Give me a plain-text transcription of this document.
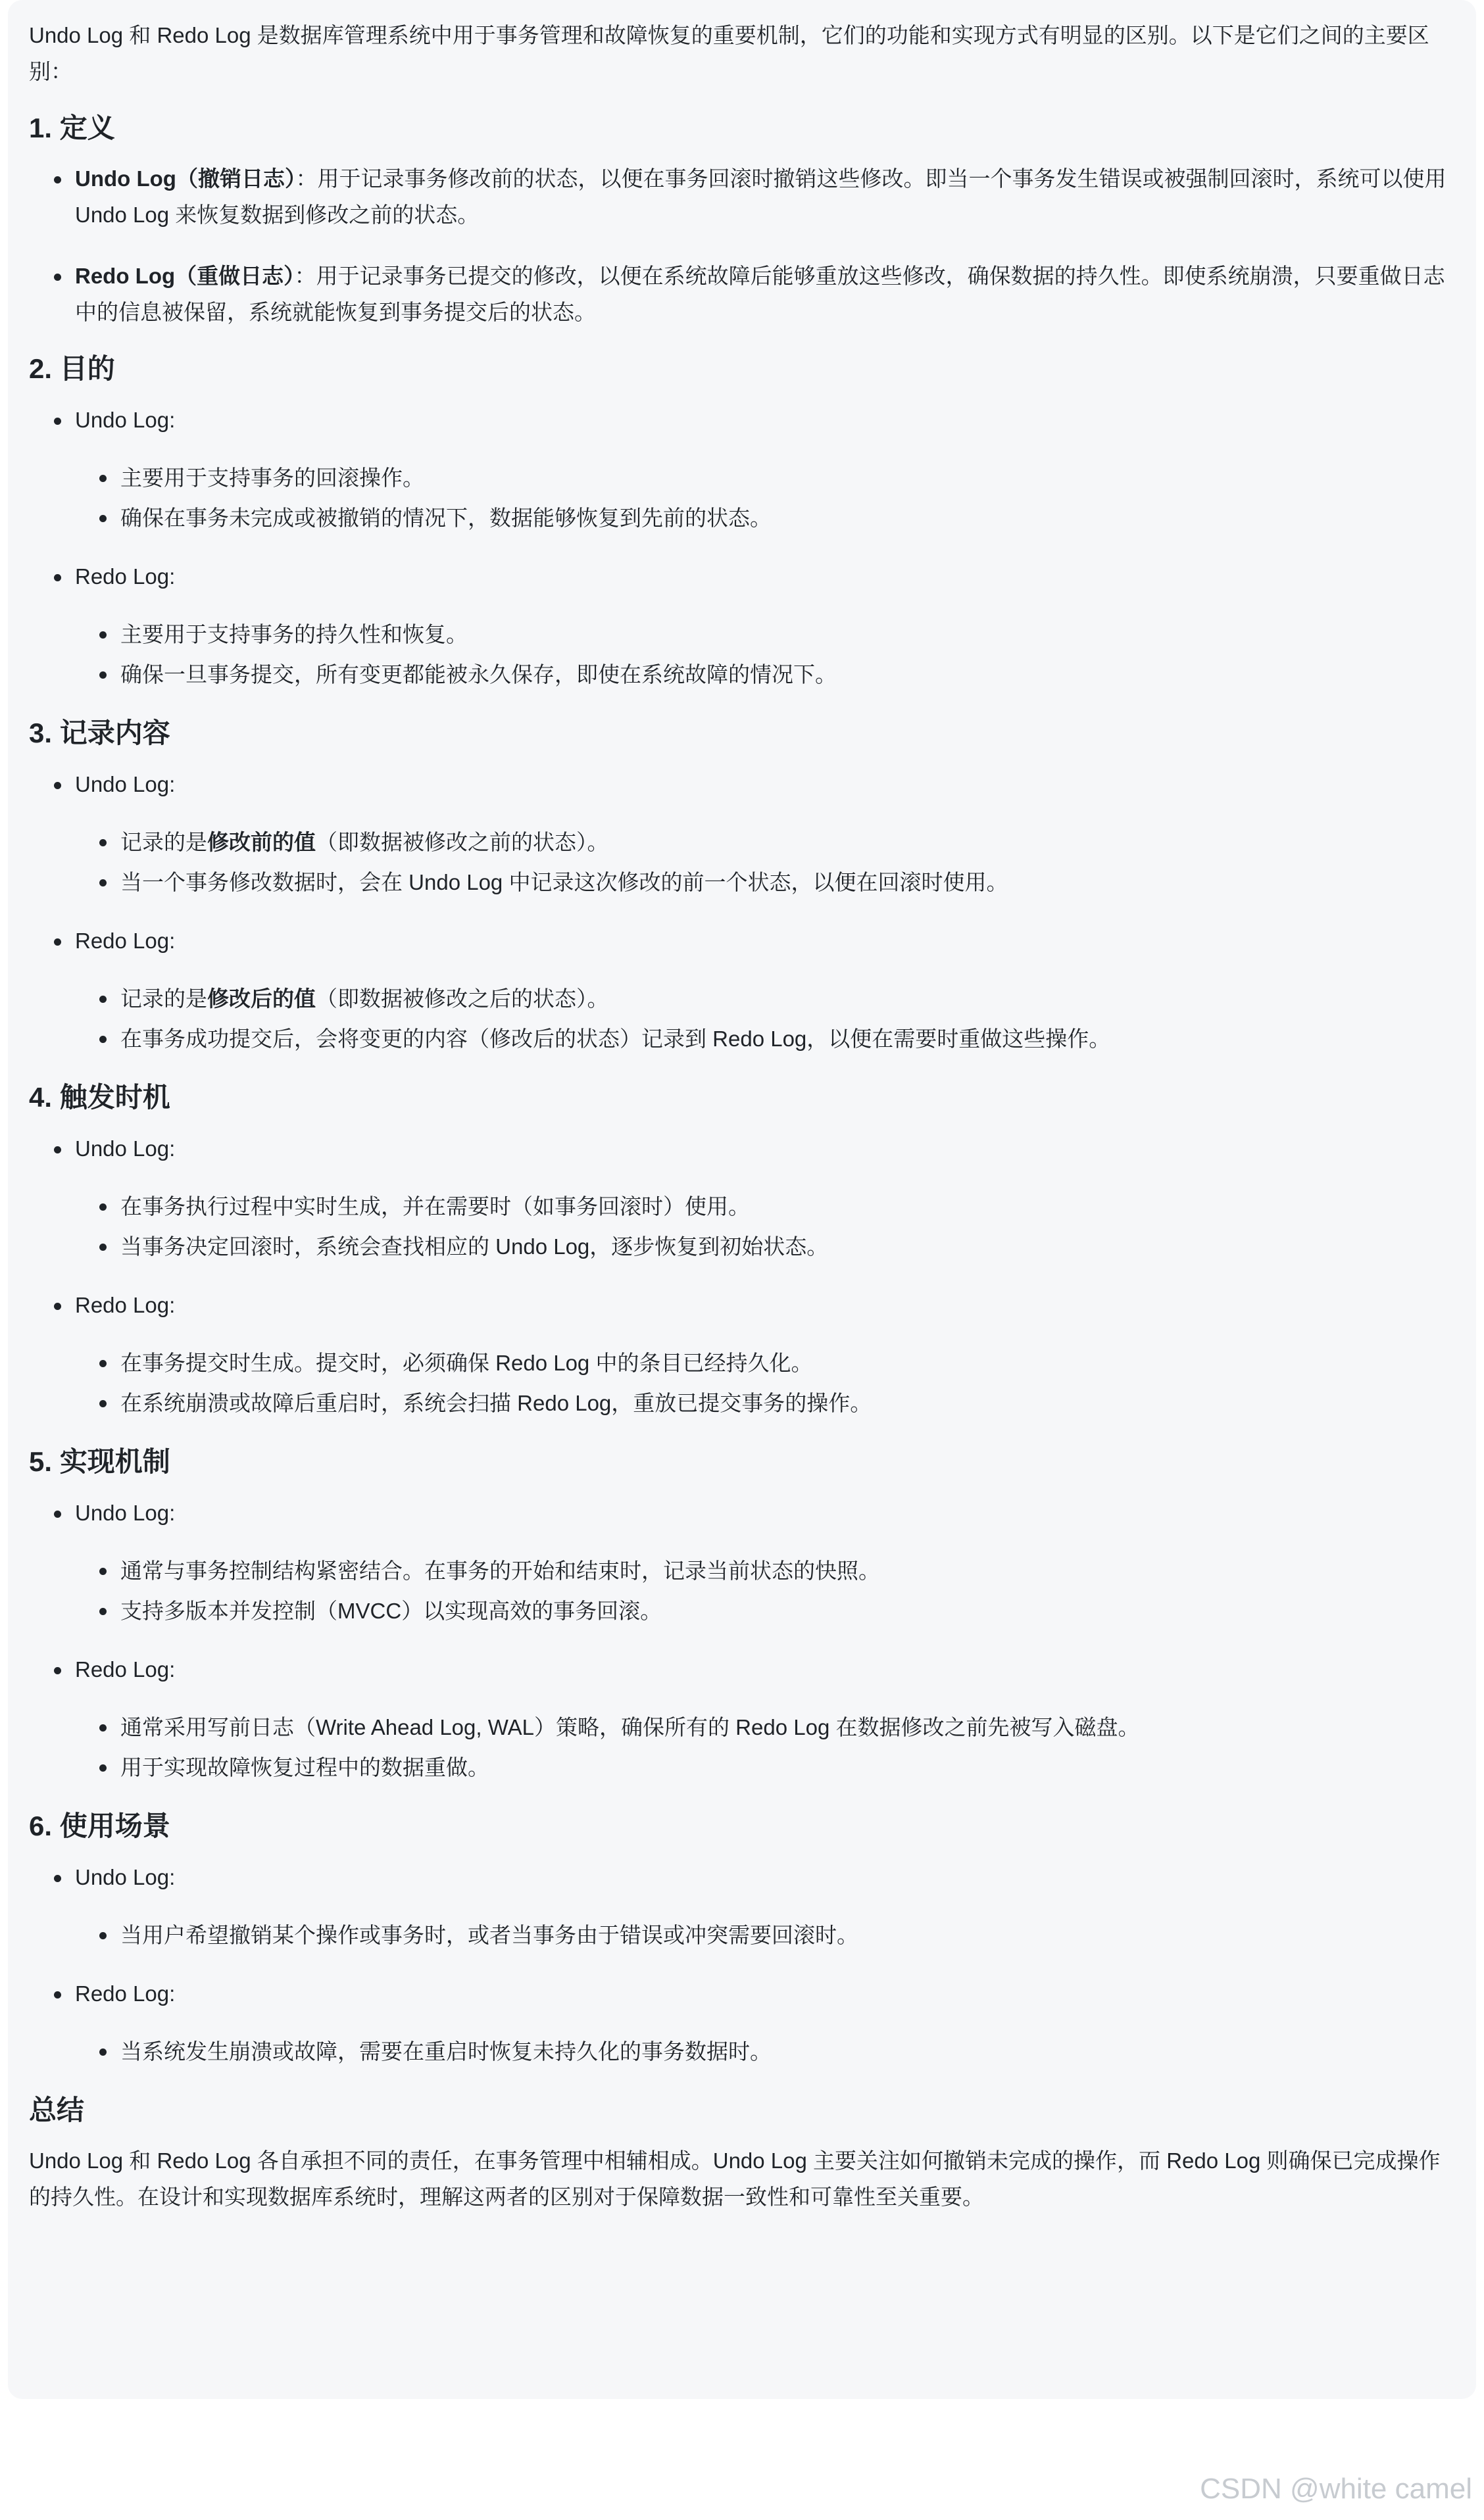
Undo Log 和 Redo Log 是数据库管理系统中用于事务管理和故障恢复的重要机制，它们的功能和实现方式有明显的区别。以下是它们之间的主要区别：

1. 定义
Undo Log（撤销日志）：用于记录事务修改前的状态，以便在事务回滚时撤销这些修改。即当一个事务发生错误或被强制回滚时，系统可以使用 Undo Log 来恢复数据到修改之前的状态。
Redo Log（重做日志）：用于记录事务已提交的修改，以便在系统故障后能够重放这些修改，确保数据的持久性。即使系统崩溃，只要重做日志中的信息被保留，系统就能恢复到事务提交后的状态。
2. 目的
Undo Log:
主要用于支持事务的回滚操作。
确保在事务未完成或被撤销的情况下，数据能够恢复到先前的状态。
Redo Log:
主要用于支持事务的持久性和恢复。
确保一旦事务提交，所有变更都能被永久保存，即使在系统故障的情况下。
3. 记录内容
Undo Log:
记录的是修改前的值（即数据被修改之前的状态）。
当一个事务修改数据时，会在 Undo Log 中记录这次修改的前一个状态，以便在回滚时使用。
Redo Log:
记录的是修改后的值（即数据被修改之后的状态）。
在事务成功提交后，会将变更的内容（修改后的状态）记录到 Redo Log，以便在需要时重做这些操作。
4. 触发时机
Undo Log:
在事务执行过程中实时生成，并在需要时（如事务回滚时）使用。
当事务决定回滚时，系统会查找相应的 Undo Log，逐步恢复到初始状态。
Redo Log:
在事务提交时生成。提交时，必须确保 Redo Log 中的条目已经持久化。
在系统崩溃或故障后重启时，系统会扫描 Redo Log，重放已提交事务的操作。
5. 实现机制
Undo Log:
通常与事务控制结构紧密结合。在事务的开始和结束时，记录当前状态的快照。
支持多版本并发控制（MVCC）以实现高效的事务回滚。
Redo Log:
通常采用写前日志（Write Ahead Log, WAL）策略，确保所有的 Redo Log 在数据修改之前先被写入磁盘。
用于实现故障恢复过程中的数据重做。
6. 使用场景
Undo Log:
当用户希望撤销某个操作或事务时，或者当事务由于错误或冲突需要回滚时。
Redo Log:
当系统发生崩溃或故障，需要在重启时恢复未持久化的事务数据时。
总结

Undo Log 和 Redo Log 各自承担不同的责任，在事务管理中相辅相成。Undo Log 主要关注如何撤销未完成的操作，而 Redo Log 则确保已完成操作的持久性。在设计和实现数据库系统时，理解这两者的区别对于保障数据一致性和可靠性至关重要。

CSDN @white camel
